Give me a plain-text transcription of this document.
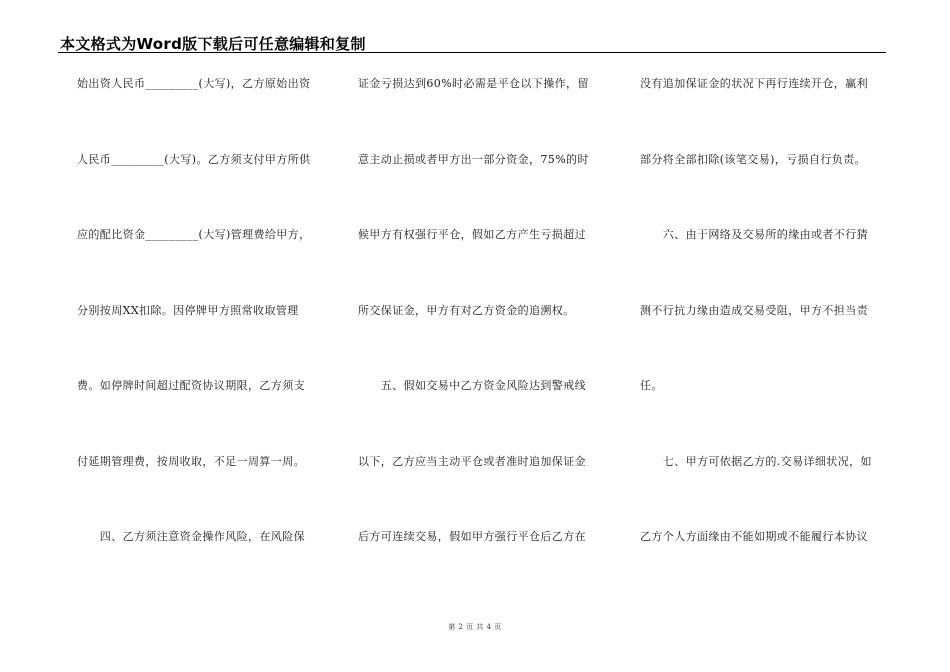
本文格式为Word版下载后可任意编辑和复制
始出资人民币_________(大写)，乙方原始出资
人民币_________(大写)。乙方须支付甲方所供
应的配比资金_________(大写)管理费给甲方，
分别按周XX扣除。因停牌甲方照常收取管理
费。如停牌时间超过配资协议期限，乙方须支
付延期管理费，按周收取，不足一周算一周。
　　四、乙方须注意资金操作风险，在风险保
证金亏损达到60%时必需是平仓以下操作，留
意主动止损或者甲方出一部分资金，75%的时
候甲方有权强行平仓，假如乙方产生亏损超过
所交保证金，甲方有对乙方资金的追溯权。
　　五、假如交易中乙方资金风险达到警戒线
以下，乙方应当主动平仓或者准时追加保证金
后方可连续交易，假如甲方强行平仓后乙方在
没有追加保证金的状况下再行连续开仓，赢利
部分将全部扣除(该笔交易)，亏损自行负责。
　　六、由于网络及交易所的缘由或者不行猜
测不行抗力缘由造成交易受阻，甲方不担当责
任。
　　七、甲方可依据乙方的.交易详细状况，如
乙方个人方面缘由不能如期或不能履行本协议
第 2 页 共 4 页
